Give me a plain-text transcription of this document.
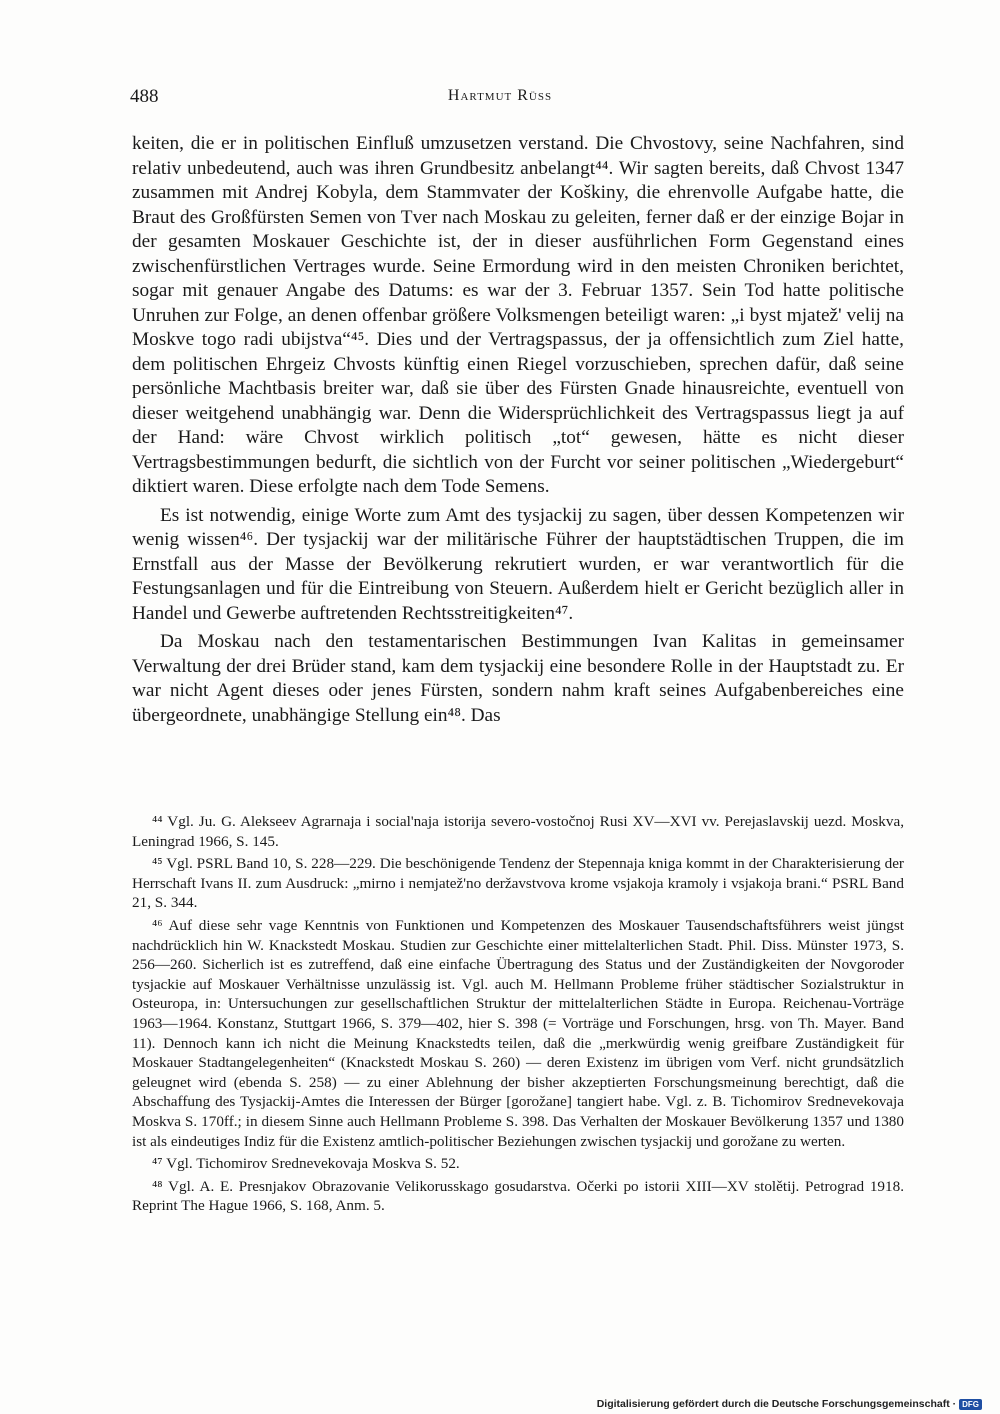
488	Hartmut Rüss

keiten, die er in politischen Einfluß umzusetzen verstand. Die Chvostovy, seine Nachfahren, sind relativ unbedeutend, auch was ihren Grundbesitz anbelangt⁴⁴. Wir sagten bereits, daß Chvost 1347 zusammen mit Andrej Kobyla, dem Stammvater der Koškiny, die ehrenvolle Aufgabe hatte, die Braut des Großfürsten Semen von Tver nach Moskau zu geleiten, ferner daß er der einzige Bojar in der gesamten Moskauer Geschichte ist, der in dieser ausführlichen Form Gegenstand eines zwischenfürstlichen Vertrages wurde. Seine Ermordung wird in den meisten Chroniken berichtet, sogar mit genauer Angabe des Datums: es war der 3. Februar 1357. Sein Tod hatte politische Unruhen zur Folge, an denen offenbar größere Volksmengen beteiligt waren: „i byst mjatež' velij na Moskve togo radi ubijstva“⁴⁵. Dies und der Vertragspassus, der ja offensichtlich zum Ziel hatte, dem politischen Ehrgeiz Chvosts künftig einen Riegel vorzuschieben, sprechen dafür, daß seine persönliche Machtbasis breiter war, daß sie über des Fürsten Gnade hinausreichte, eventuell von dieser weitgehend unabhängig war. Denn die Widersprüchlichkeit des Vertragspassus liegt ja auf der Hand: wäre Chvost wirklich politisch „tot“ gewesen, hätte es nicht dieser Vertragsbestimmungen bedurft, die sichtlich von der Furcht vor seiner politischen „Wiedergeburt“ diktiert waren. Diese erfolgte nach dem Tode Semens.

Es ist notwendig, einige Worte zum Amt des tysjackij zu sagen, über dessen Kompetenzen wir wenig wissen⁴⁶. Der tysjackij war der militärische Führer der hauptstädtischen Truppen, die im Ernstfall aus der Masse der Bevölkerung rekrutiert wurden, er war verantwortlich für die Festungsanlagen und für die Eintreibung von Steuern. Außerdem hielt er Gericht bezüglich aller in Handel und Gewerbe auftretenden Rechtsstreitigkeiten⁴⁷.

Da Moskau nach den testamentarischen Bestimmungen Ivan Kalitas in gemeinsamer Verwaltung der drei Brüder stand, kam dem tysjackij eine besondere Rolle in der Hauptstadt zu. Er war nicht Agent dieses oder jenes Fürsten, sondern nahm kraft seines Aufgabenbereiches eine übergeordnete, unabhängige Stellung ein⁴⁸. Das

⁴⁴ Vgl. Ju. G. Alekseev Agrarnaja i social'naja istorija severo-vostočnoj Rusi XV—XVI vv. Perejaslavskij uezd. Moskva, Leningrad 1966, S. 145.

⁴⁵ Vgl. PSRL Band 10, S. 228—229. Die beschönigende Tendenz der Stepennaja kniga kommt in der Charakterisierung der Herrschaft Ivans II. zum Ausdruck: „mirno i nemjatež'no deržavstvova krome vsjakoja kramoly i vsjakoja brani.“ PSRL Band 21, S. 344.

⁴⁶ Auf diese sehr vage Kenntnis von Funktionen und Kompetenzen des Moskauer Tausendschaftsführers weist jüngst nachdrücklich hin W. Knackstedt Moskau. Studien zur Geschichte einer mittelalterlichen Stadt. Phil. Diss. Münster 1973, S. 256—260. Sicherlich ist es zutreffend, daß eine einfache Übertragung des Status und der Zuständigkeiten der Novgoroder tysjackie auf Moskauer Verhältnisse unzulässig ist. Vgl. auch M. Hellmann Probleme früher städtischer Sozialstruktur in Osteuropa, in: Untersuchungen zur gesellschaftlichen Struktur der mittelalterlichen Städte in Europa. Reichenau-Vorträge 1963—1964. Konstanz, Stuttgart 1966, S. 379—402, hier S. 398 (= Vorträge und Forschungen, hrsg. von Th. Mayer. Band 11). Dennoch kann ich nicht die Meinung Knackstedts teilen, daß die „merkwürdig wenig greifbare Zuständigkeit für Moskauer Stadtangelegenheiten“ (Knackstedt Moskau S. 260) — deren Existenz im übrigen vom Verf. nicht grundsätzlich geleugnet wird (ebenda S. 258) — zu einer Ablehnung der bisher akzeptierten Forschungsmeinung berechtigt, daß die Abschaffung des Tysjackij-Amtes die Interessen der Bürger [gorožane] tangiert habe. Vgl. z. B. Tichomirov Srednevekovaja Moskva S. 170ff.; in diesem Sinne auch Hellmann Probleme S. 398. Das Verhalten der Moskauer Bevölkerung 1357 und 1380 ist als eindeutiges Indiz für die Existenz amtlich-politischer Beziehungen zwischen tysjackij und gorožane zu werten.

⁴⁷ Vgl. Tichomirov Srednevekovaja Moskva S. 52.

⁴⁸ Vgl. A. E. Presnjakov Obrazovanie Velikorusskago gosudarstva. Očerki po istorii XIII—XV stolětij. Petrograd 1918. Reprint The Hague 1966, S. 168, Anm. 5.

Digitalisierung gefördert durch die Deutsche Forschungsgemeinschaft · DFG
